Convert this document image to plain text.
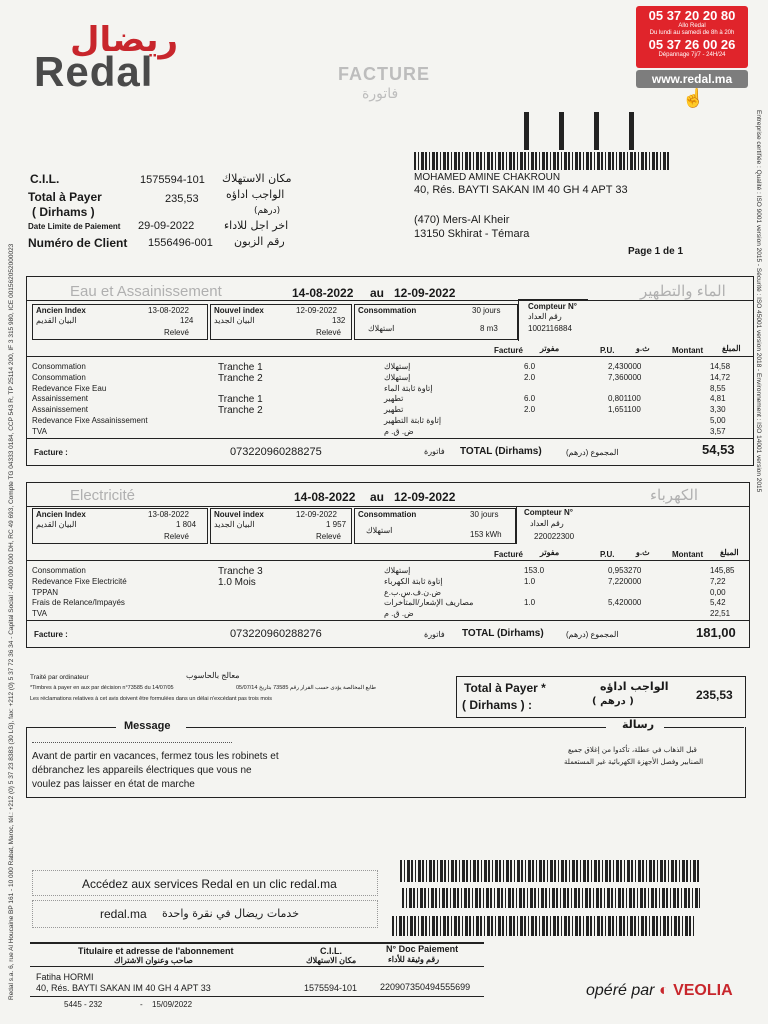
ريضال
Redal	FACTURE
فاتورة
05 37 20 20 80
Allo Redal
Du lundi au samedi de 8h à 20h
05 37 26 00 26
Dépannage 7j/7 - 24H/24
www.redal.ma
☝
Redal s.a. 6, rue Al Houcaine BP 161 - 10 000 Rabat, Maroc, tél.: +212 (0) 5 37 23 8383 (30 LG), fax: +212 (0) 5 37 72 36 34 - Capital Social : 400 000 000 DH, RC 49 693, Compte TG 04333 0184, CCP 543 R, TP 25114 200, IF 3 315 980, ICE 001562052000023	Entreprise certifiée : Qualité : ISO 9001 version 2015 - Sécurité : ISO 45001 version 2018 - Environnement : ISO 14001 version 2015
C.I.L.	1575594-101 مكان الاستهلاك
Total à Payer	235,53 الواجب اداؤه
( Dirhams )	(درهم)
Date Limite de Paiement 29-09-2022	اخر اجل للاداء
Numéro de Client 1556496-001 رقم الزبون
MOHAMED AMINE CHAKROUN
40, Rés. BAYTI SAKAN IM 40 GH 4 APT 33
(470) Mers-Al Kheir
13150 Skhirat - Témara
Page 1 de 1
Eau et Assainissement	الماء والتطهير
14-08-2022 au 12-09-2022
Ancien Index	13-08-2022
البيان القديم	124
Relevé
Nouvel index	12-09-2022
البيان الجديد	132
Relevé
Consommation	30 jours
استهلاك	8 m3
Compteur N°
رقم العداد
1002116884
Facturé مفوتر	P.U.	ث.و	Montant المبلغ
Consommation	Tranche 1	إستهلاك	6.0	2,430000	14,58
Consommation	Tranche 2	إستهلاك	2.0	7,360000	14,72
Redevance Fixe Eau	إتاوة ثابتة الماء	8,55
Assainissement	Tranche 1	تطهير	6.0	0,801100	4,81
Assainissement	Tranche 2	تطهير	2.0	1,651100	3,30
Redevance Fixe Assainissement	إتاوة ثابتة التطهير	5,00
TVA	ض. ق. م	3,57
Facture :	073220960288275	فاتورة TOTAL (Dirhams)	المجموع (درهم)	54,53
Electricité	الكهرباء
14-08-2022 au 12-09-2022
Ancien Index	13-08-2022
البيان القديم	1 804
Relevé
Nouvel index	12-09-2022
البيان الجديد	1 957
Relevé
Consommation	30 jours
استهلاك	153 kWh
Compteur N°
رقم العداد
220022300
Facturé مفوتر	P.U.	ث.و	Montant المبلغ
Consommation	Tranche 3	إستهلاك	153.0	0,953270	145,85
Redevance Fixe Electricité	1.0 Mois	إتاوة ثابتة الكهرباء	1.0	7,220000	7,22
TPPAN	ض.ن.ف.س.ب.ع	0,00
Frais de Relance/Impayés	مصاريف الإشعار/المتأخرات	1.0	5,420000	5,42
TVA	ض. ق. م	22,51
Facture :	073220960288276	فاتورة TOTAL (Dirhams)	المجموع (درهم)	181,00
Traité par ordinateur	معالج بالحاسوب
*Timbres à payer en aux par décision n°73585 du 14/07/05	طابع المخالصة يؤدى حسب القرار رقم 73585 بتاريخ 05/07/14
Les réclamations relatives à cet avis doivent être formulées dans un délai n'excédant pas trois mois
Total à Payer *
( Dirhams ) :
الواجب اداؤه
( درهم )	235,53
Message	رسالة
Avant de partir en vacances, fermez tous les robinets et débranchez les appareils électriques que vous ne voulez pas laisser en état de marche
قبل الذهاب في عطلة، تأكدوا من إغلاق جميع
الصنابير وفصل الأجهزة الكهربائية غير المستعملة
Accédez aux services Redal en un clic redal.ma
redal.ma خدمات ريضال في نقرة واحدة
Titulaire et adresse de l'abonnement
صاحب وعنوان الاشتراك
C.I.L.
مكان الاستهلاك
N° Doc Paiement
رقم وثيقة للأداء
Fatiha HORMI
40, Rés. BAYTI SAKAN IM 40 GH 4 APT 33	1575594-101	220907350494555699
5445 - 232	- 15/09/2022
opéré par ◐ VEOLIA
